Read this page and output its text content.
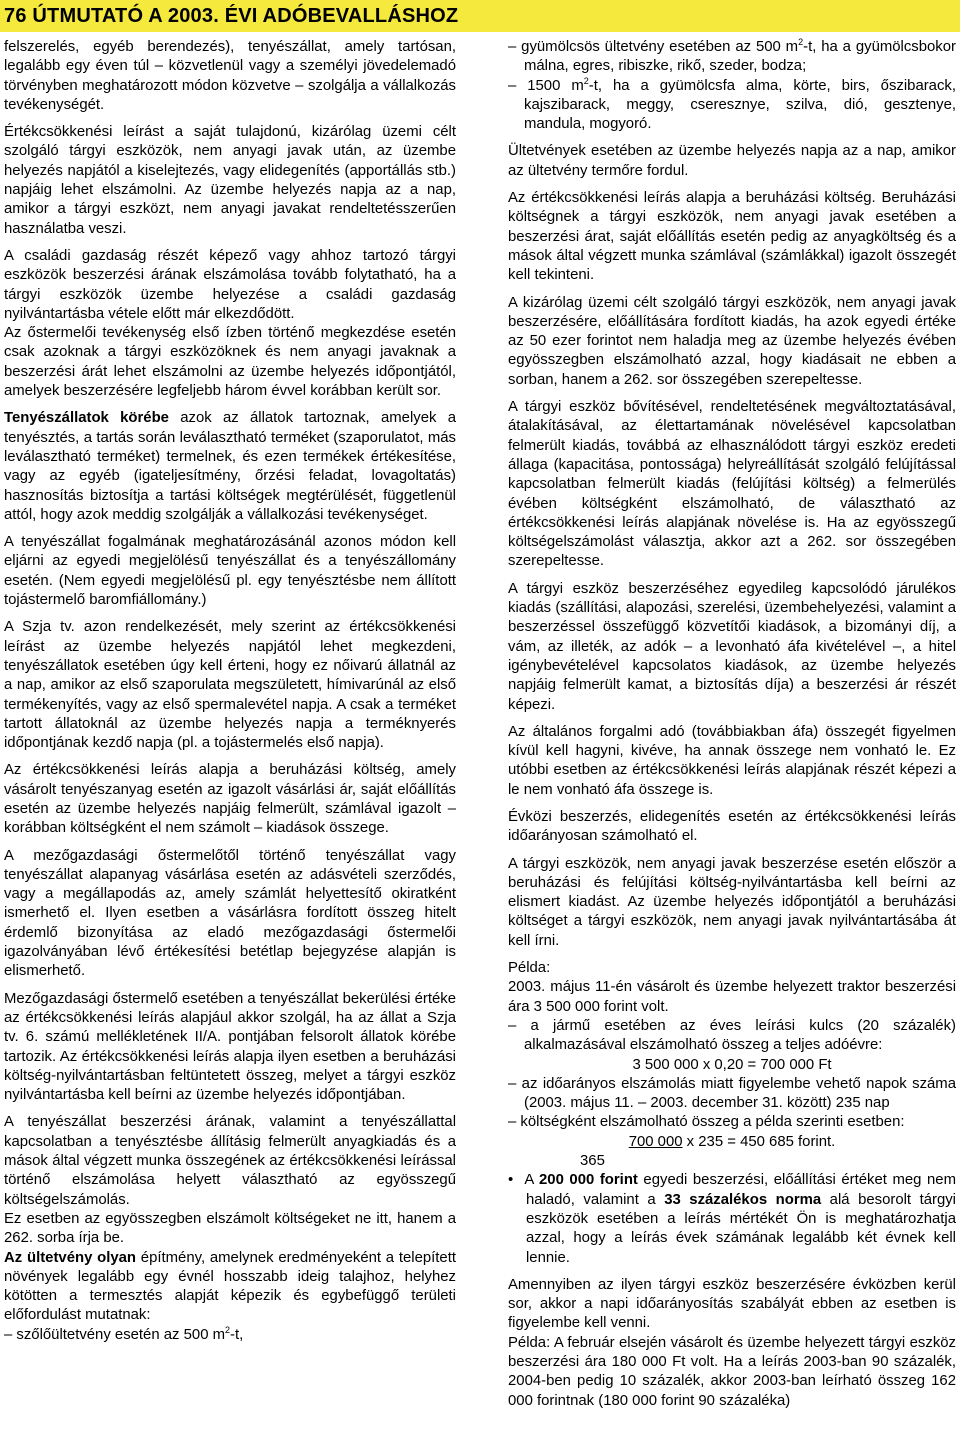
76 ÚTMUTATÓ A 2003. ÉVI ADÓBEVALLÁSHOZ

felszerelés, egyéb berendezés), tenyészállat, amely tartósan, legalább egy éven túl – közvetlenül vagy a személyi jövedelemadó törvényben meghatározott módon közvetve – szolgálja a vállalkozás tevékenységét.

Értékcsökkenési leírást a saját tulajdonú, kizárólag üzemi célt szolgáló tárgyi eszközök, nem anyagi javak után, az üzembe helyezés napjától a kiselejtezés, vagy elidegenítés (apportállás stb.) napjáig lehet elszámolni. Az üzembe helyezés napja az a nap, amikor a tárgyi eszközt, nem anyagi javakat rendeltetésszerűen használatba veszi.

A családi gazdaság részét képező vagy ahhoz tartozó tárgyi eszközök beszerzési árának elszámolása tovább folytatható, ha a tárgyi eszközök üzembe helyezése a családi gazdaság nyilvántartásba vétele előtt már elkezdődött.

Az őstermelői tevékenység első ízben történő megkezdése esetén csak azoknak a tárgyi eszközöknek és nem anyagi javaknak a beszerzési árát lehet elszámolni az üzembe helyezés időpontjától, amelyek beszerzésére legfeljebb három évvel korábban került sor.

Tenyészállatok körébe azok az állatok tartoznak, amelyek a tenyésztés, a tartás során leválasztható terméket (szaporulatot, más leválasztható terméket) termelnek, és ezen termékek értékesítése, vagy az egyéb (igateljesítmény, őrzési feladat, lovagoltatás) hasznosítás biztosítja a tartási költségek megtérülését, függetlenül attól, hogy azok meddig szolgálják a vállalkozási tevékenységet.

A tenyészállat fogalmának meghatározásánál azonos módon kell eljárni az egyedi megjelölésű tenyészállat és a tenyészállomány esetén. (Nem egyedi megjelölésű pl. egy tenyésztésbe nem állított tojástermelő baromfiállomány.)

A Szja tv. azon rendelkezését, mely szerint az értékcsökkenési leírást az üzembe helyezés napjától lehet megkezdeni, tenyészállatok esetében úgy kell érteni, hogy ez nőivarú állatnál az a nap, amikor az első szaporulata megszületett, hímivarúnál az első termékenyítés, vagy az első spermalevétel napja. A csak a terméket tartott állatoknál az üzembe helyezés napja a terméknyerés időpontjának kezdő napja (pl. a tojástermelés első napja).

Az értékcsökkenési leírás alapja a beruházási költség, amely vásárolt tenyészanyag esetén az igazolt vásárlási ár, saját előállítás esetén az üzembe helyezés napjáig felmerült, számlával igazolt – korábban költségként el nem számolt – kiadások összege.

A mezőgazdasági őstermelőtől történő tenyészállat vagy tenyészállat alapanyag vásárlása esetén az adásvételi szerződés, vagy a megállapodás az, amely számlát helyettesítő okiratként ismerhető el. Ilyen esetben a vásárlásra fordított összeg hitelt érdemlő bizonyítása az eladó mezőgazdasági őstermelői igazolványában lévő értékesítési betétlap bejegyzése alapján is elismerhető.

Mezőgazdasági őstermelő esetében a tenyészállat bekerülési értéke az értékcsökkenési leírás alapjául akkor szolgál, ha az állat a Szja tv. 6. számú mellékletének II/A. pontjában felsorolt állatok körébe tartozik. Az értékcsökkenési leírás alapja ilyen esetben a beruházási költség-nyilvántartásban feltüntetett összeg, melyet a tárgyi eszköz nyilvántartásba kell beírni az üzembe helyezés időpontjában.

A tenyészállat beszerzési árának, valamint a tenyészállattal kapcsolatban a tenyésztésbe állításig felmerült anyagkiadás és a mások által végzett munka összegének az értékcsökkenési leírással történő elszámolása helyett választható az egyösszegű költségelszámolás.

Ez esetben az egyösszegben elszámolt költségeket ne itt, hanem a 262. sorba írja be.

Az ültetvény olyan építmény, amelynek eredményeként a telepített növények legalább egy évnél hosszabb ideig talajhoz, helyhez kötötten a termesztés alapját képezik és egybefüggő területi előfordulást mutatnak:

– szőlőültetvény esetén az 500 $m^2-t$,

– gyümölcsös ültetvény esetében az 500 $m^2-t$, ha a gyümölcsbokor málna, egres, ribiszke, rikő, szeder, bodza;

– 1500 $m^2-t$, ha a gyümölcsfa alma, körte, birs, őszibarack, kajszibarack, meggy, cseresznye, szilva, dió, gesztenye, mandula, mogyoró.

Ültetvények esetében az üzembe helyezés napja az a nap, amikor az ültetvény termőre fordul.

Az értékcsökkenési leírás alapja a beruházási költség. Beruházási költségnek a tárgyi eszközök, nem anyagi javak esetében a beszerzési árat, saját előállítás esetén pedig az anyagköltség és a mások által végzett munka számlával (számlákkal) igazolt összegét kell tekinteni.

A kizárólag üzemi célt szolgáló tárgyi eszközök, nem anyagi javak beszerzésére, előállítására fordított kiadás, ha azok egyedi értéke az 50 ezer forintot nem haladja meg az üzembe helyezés évében egyösszegben elszámolható azzal, hogy kiadásait ne ebben a sorban, hanem a 262. sor összegében szerepeltesse.

A tárgyi eszköz bővítésével, rendeltetésének megváltoztatásával, átalakításával, az élettartamának növelésével kapcsolatban felmerült kiadás, továbbá az elhasználódott tárgyi eszköz eredeti állaga (kapacitása, pontossága) helyreállítását szolgáló felújítással kapcsolatban felmerült kiadás (felújítási költség) a felmerülés évében költségként elszámolható, de választható az értékcsökkenési leírás alapjának növelése is. Ha az egyösszegű költségelszámolást választja, akkor azt a 262. sor összegében szerepeltesse.

A tárgyi eszköz beszerzéséhez egyedileg kapcsolódó járulékos kiadás (szállítási, alapozási, szerelési, üzembehelyezési, valamint a beszerzéssel összefüggő közvetítői kiadások, a bizományi díj, a vám, az illeték, az adók – a levonható áfa kivételével –, a hitel igénybevételével kapcsolatos kiadások, az üzembe helyezés napjáig felmerült kamat, a biztosítás díja) a beszerzési ár részét képezi.

Az általános forgalmi adó (továbbiakban áfa) összegét figyelmen kívül kell hagyni, kivéve, ha annak összege nem vonható le. Ez utóbbi esetben az értékcsökkenési leírás alapjának részét képezi a le nem vonható áfa összege is.

Évközi beszerzés, elidegenítés esetén az értékcsökkenési leírás időarányosan számolható el.

A tárgyi eszközök, nem anyagi javak beszerzése esetén először a beruházási és felújítási költség-nyilvántartásba kell beírni az elismert kiadást. Az üzembe helyezés időpontjától a beruházási költséget a tárgyi eszközök, nem anyagi javak nyilvántartásába át kell írni.

Példa:

2003. május 11-én vásárolt és üzembe helyezett traktor beszerzési ára 3 500 000 forint volt.

– a jármű esetében az éves leírási kulcs (20 százalék) alkalmazásával elszámolható összeg a teljes adóévre:

3 500 000 x 0,20 = 700 000 Ft

– az időarányos elszámolás miatt figyelembe vehető napok száma (2003. május 11. – 2003. december 31. között) 235 nap

– költségként elszámolható összeg a példa szerinti esetben:

700 000 x 235 = 450 685 forint.

365

•  A 200 000 forint egyedi beszerzési, előállítási értéket meg nem haladó, valamint a 33 százalékos norma alá besorolt tárgyi eszközök esetében a leírás mértékét Ön is meghatározhatja azzal, hogy a leírás évek számának legalább két évnek kell lennie.

Amennyiben az ilyen tárgyi eszköz beszerzésére évközben kerül sor, akkor a napi időarányosítás szabályát ebben az esetben is figyelembe kell venni.

Példa: A február elsején vásárolt és üzembe helyezett tárgyi eszköz beszerzési ára 180 000 Ft volt. Ha a leírás 2003-ban 90 százalék, 2004-ben pedig 10 százalék, akkor 2003-ban leírható összeg 162 000 forintnak (180 000 forint 90 százaléka)
